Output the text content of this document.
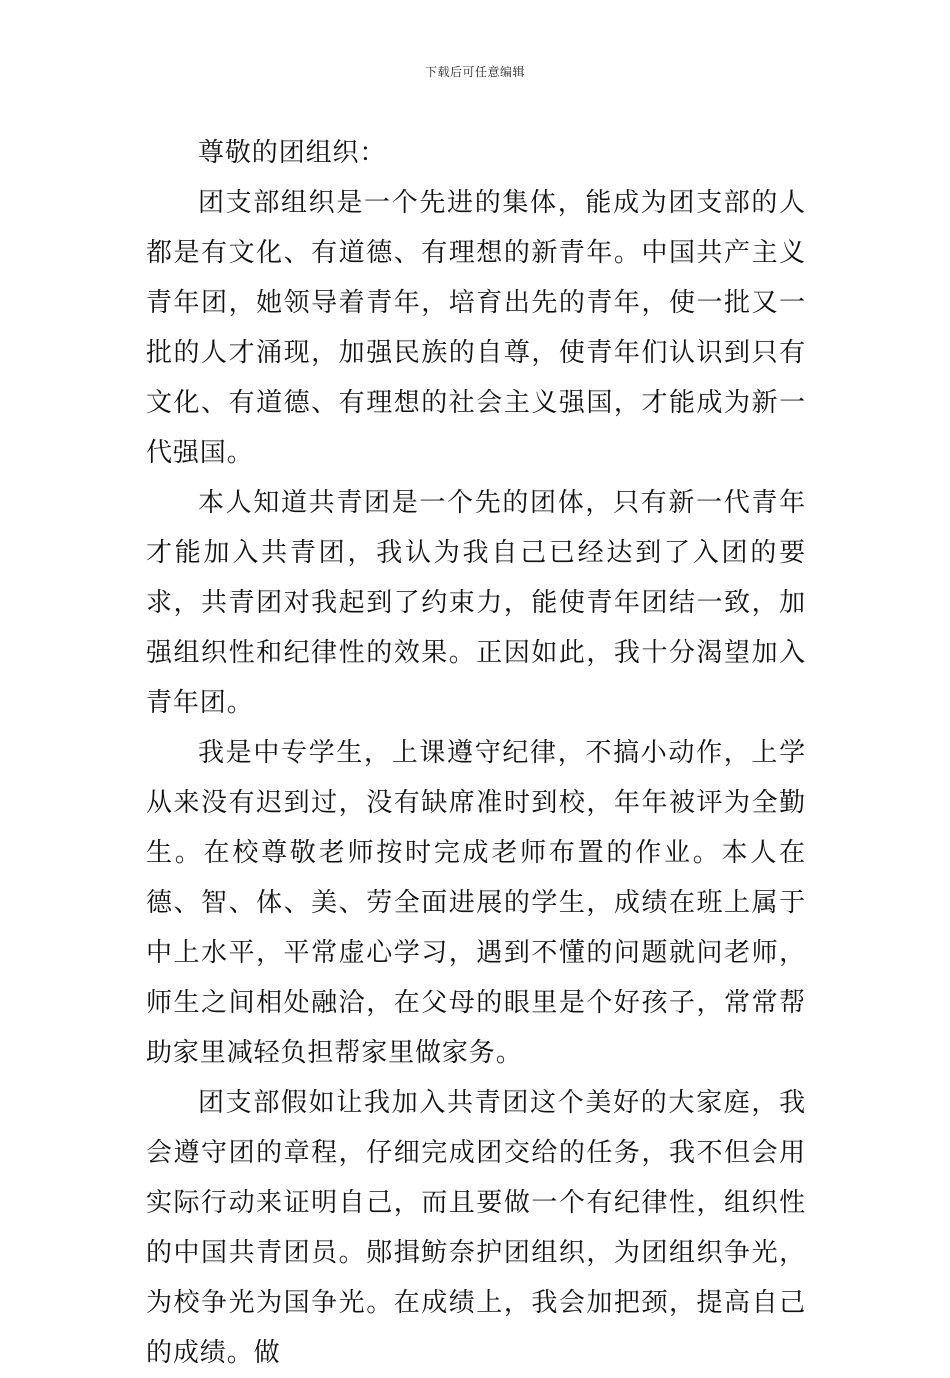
下载后可任意编辑

尊敬的团组织：

团支部组织是一个先进的集体，能成为团支部的人都是有文化、有道德、有理想的新青年。中国共产主义青年团，她领导着青年，培育出先的青年，使一批又一批的人才涌现，加强民族的自尊，使青年们认识到只有文化、有道德、有理想的社会主义强国，才能成为新一代强国。

本人知道共青团是一个先的团体，只有新一代青年才能加入共青团，我认为我自己已经达到了入团的要求，共青团对我起到了约束力，能使青年团结一致，加强组织性和纪律性的效果。正因如此，我十分渴望加入青年团。

我是中专学生，上课遵守纪律，不搞小动作，上学从来没有迟到过，没有缺席准时到校，年年被评为全勤生。在校尊敬老师按时完成老师布置的作业。本人在德、智、体、美、劳全面进展的学生，成绩在班上属于中上水平，平常虚心学习，遇到不懂的问题就问老师，师生之间相处融洽，在父母的眼里是个好孩子，常常帮助家里减轻负担帮家里做家务。

团支部假如让我加入共青团这个美好的大家庭，我会遵守团的章程，仔细完成团交给的任务，我不但会用实际行动来证明自己，而且要做一个有纪律性，组织性的中国共青团员。郧揖鲂奈护团组织，为团组织争光，为校争光为国争光。在成绩上，我会加把颈，提高自己的成绩。做
